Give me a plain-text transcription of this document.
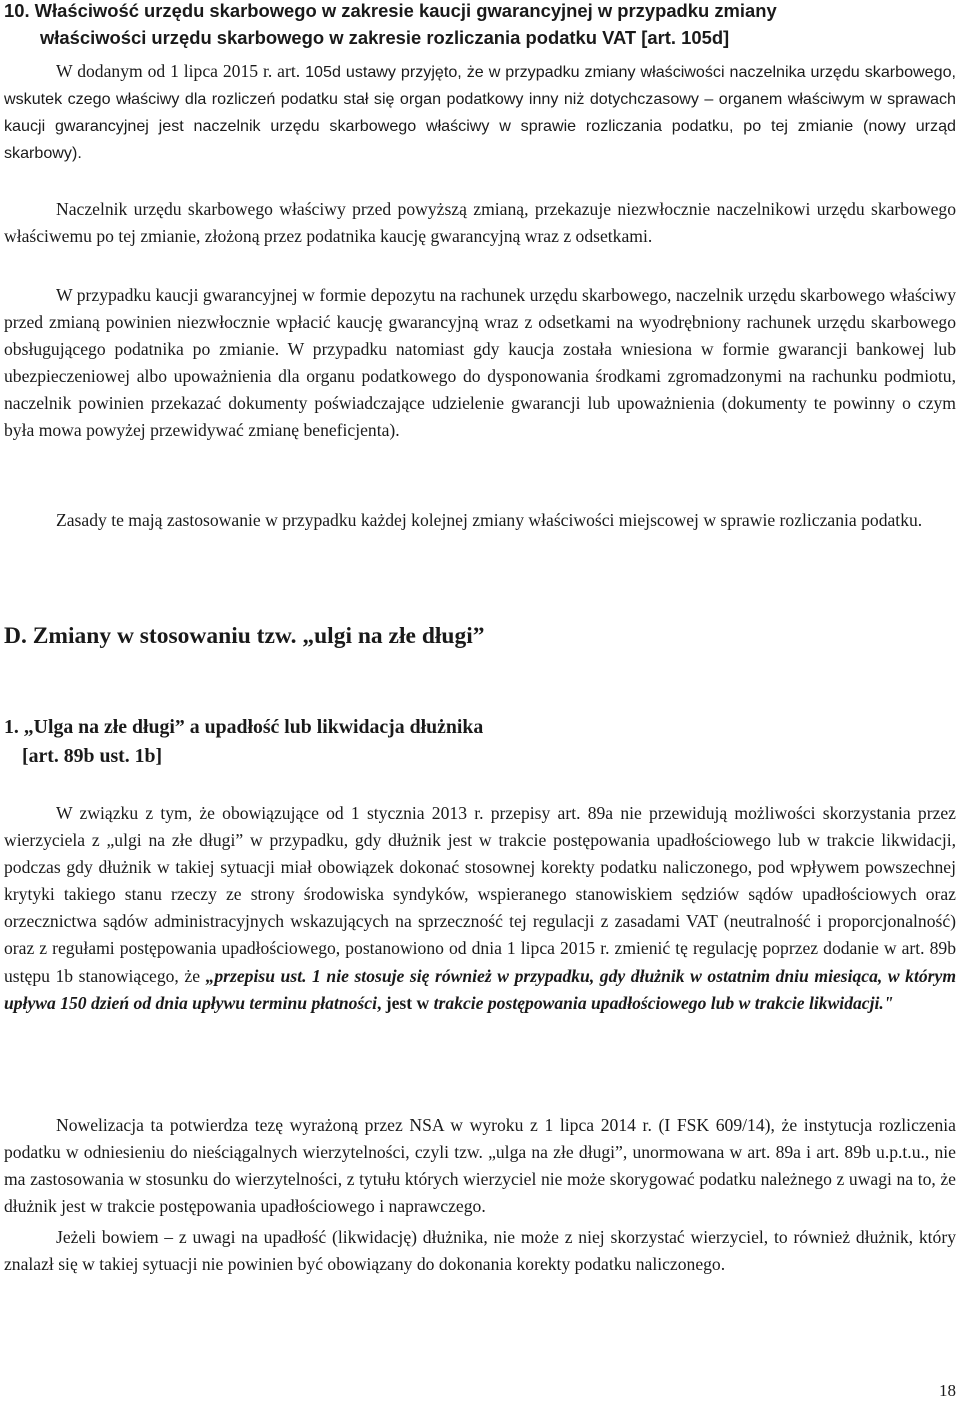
10. Właściwość urzędu skarbowego w zakresie kaucji gwarancyjnej w przypadku zmiany
właściwości urzędu skarbowego w zakresie rozliczania podatku VAT [art. 105d]

W dodanym od 1 lipca 2015 r. art. 105d ustawy przyjęto, że w przypadku zmiany właściwości naczelnika urzędu skarbowego, wskutek czego właściwy dla rozliczeń podatku stał się organ podatkowy inny niż dotychczasowy – organem właściwym w sprawach kaucji gwarancyjnej jest naczelnik urzędu skarbowego właściwy w sprawie rozliczania podatku, po tej zmianie (nowy urząd skarbowy).

Naczelnik urzędu skarbowego właściwy przed powyższą zmianą, przekazuje niezwłocznie naczelnikowi urzędu skarbowego właściwemu po tej zmianie, złożoną przez podatnika kaucję gwarancyjną wraz z odsetkami.

W przypadku kaucji gwarancyjnej w formie depozytu na rachunek urzędu skarbowego, naczelnik urzędu skarbowego właściwy przed zmianą powinien niezwłocznie wpłacić kaucję gwarancyjną wraz z odsetkami na wyodrębniony rachunek urzędu skarbowego obsługującego podatnika po zmianie. W przypadku natomiast gdy kaucja została wniesiona w formie gwarancji bankowej lub ubezpieczeniowej albo upoważnienia dla organu podatkowego do dysponowania środkami zgromadzonymi na rachunku podmiotu, naczelnik powinien przekazać dokumenty poświadczające udzielenie gwarancji lub upoważnienia (dokumenty te powinny o czym była mowa powyżej przewidywać zmianę beneficjenta).

Zasady te mają zastosowanie w przypadku każdej kolejnej zmiany właściwości miejscowej w sprawie rozliczania podatku.

D. Zmiany w stosowaniu tzw. „ulgi na złe długi”
1. „Ulga na złe długi” a upadłość lub likwidacja dłużnika
[art. 89b ust. 1b]

W związku z tym, że obowiązujące od 1 stycznia 2013 r. przepisy art. 89a nie przewidują możliwości skorzystania przez wierzyciela z „ulgi na złe długi” w przypadku, gdy dłużnik jest w trakcie postępowania upadłościowego lub w trakcie likwidacji, podczas gdy dłużnik w takiej sytuacji miał obowiązek dokonać stosownej korekty podatku naliczonego, pod wpływem powszechnej krytyki takiego stanu rzeczy ze strony środowiska syndyków, wspieranego stanowiskiem sędziów sądów upadłościowych oraz orzecznictwa sądów administracyjnych wskazujących na sprzeczność tej regulacji z zasadami VAT (neutralność i proporcjonalność) oraz z regułami postępowania upadłościowego, postanowiono od dnia 1 lipca 2015 r. zmienić tę regulację poprzez dodanie w art. 89b ustępu 1b stanowiącego, że „przepisu ust. 1 nie stosuje się również w przypadku, gdy dłużnik w ostatnim dniu miesiąca, w którym upływa 150 dzień od dnia upływu terminu płatności, jest w trakcie postępowania upadłościowego lub w trakcie likwidacji."

Nowelizacja ta potwierdza tezę wyrażoną przez NSA w wyroku z 1 lipca 2014 r. (I FSK 609/14), że instytucja rozliczenia podatku w odniesieniu do nieściągalnych wierzytelności, czyli tzw. „ulga na złe długi”, unormowana w art. 89a i art. 89b u.p.t.u., nie ma zastosowania w stosunku do wierzytelności, z tytułu których wierzyciel nie może skorygować podatku należnego z uwagi na to, że dłużnik jest w trakcie postępowania upadłościowego i naprawczego.

Jeżeli bowiem – z uwagi na upadłość (likwidację) dłużnika, nie może z niej skorzystać wierzyciel, to również dłużnik, który znalazł się w takiej sytuacji nie powinien być obowiązany do dokonania korekty podatku naliczonego.

18
